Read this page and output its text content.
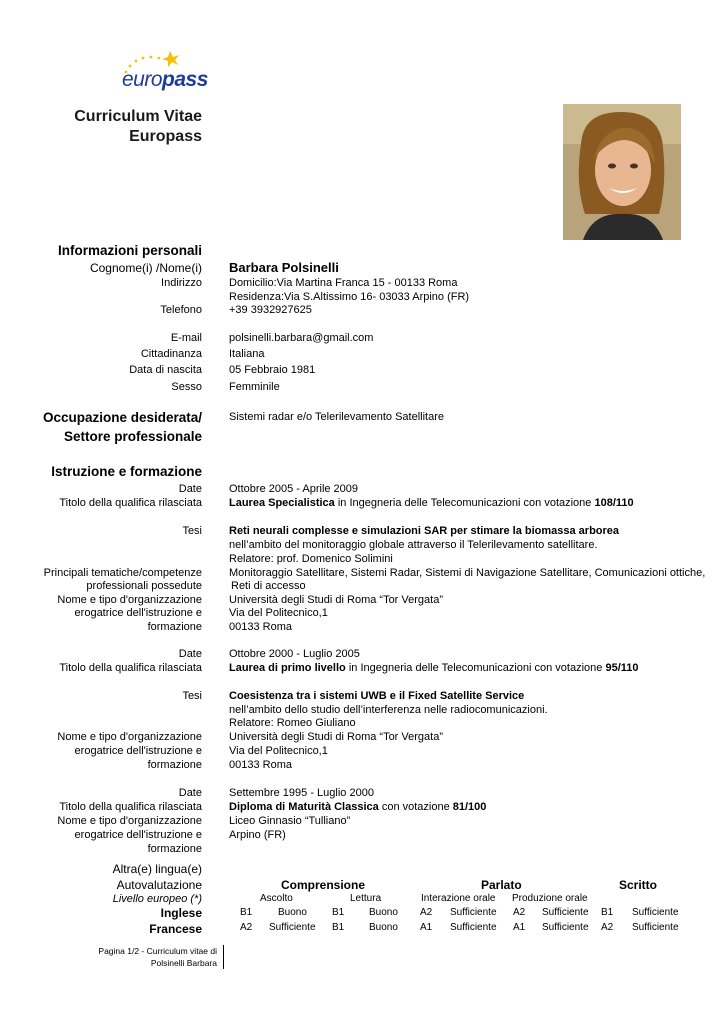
europass
Curriculum Vitae
Europass
Informazioni personali
Cognome(i) /Nome(i) Barbara Polsinelli
Indirizzo Domicilio:Via Martina Franca 15 - 00133 Roma
Residenza:Via S.Altissimo 16- 03033 Arpino (FR)
Telefono +39 3932927625
E-mail polsinelli.barbara@gmail.com
Cittadinanza Italiana
Data di nascita 05 Febbraio 1981
Sesso Femminile
Occupazione desiderata/
Settore professionale
Sistemi radar e/o Telerilevamento Satellitare
Istruzione e formazione
Date Ottobre 2005 - Aprile 2009
Titolo della qualifica rilasciata Laurea Specialistica in Ingegneria delle Telecomunicazioni con votazione 108/110
Tesi Reti neurali complesse e simulazioni SAR per stimare la biomassa arborea
nell’ambito del monitoraggio globale attraverso il Telerilevamento satellitare.
Relatore: prof. Domenico Solimini
Principali tematiche/competenze
professionali possedute
Monitoraggio Satellitare, Sistemi Radar, Sistemi di Navigazione Satellitare, Comunicazioni ottiche,
Reti di accesso
Nome e tipo d'organizzazione
erogatrice dell'istruzione e
formazione
Università degli Studi di Roma “Tor Vergata”
Via del Politecnico,1
00133 Roma
Date Ottobre 2000 - Luglio 2005
Titolo della qualifica rilasciata Laurea di primo livello in Ingegneria delle Telecomunicazioni con votazione 95/110
Tesi Coesistenza tra i sistemi UWB e il Fixed Satellite Service
nell’ambito dello studio dell’interferenza nelle radiocomunicazioni.
Relatore: Romeo Giuliano
Nome e tipo d'organizzazione
erogatrice dell'istruzione e
formazione
Università degli Studi di Roma “Tor Vergata”
Via del Politecnico,1
00133 Roma
Date Settembre 1995 - Luglio 2000
Titolo della qualifica rilasciata Diploma di Maturità Classica con votazione 81/100
Nome e tipo d'organizzazione
erogatrice dell'istruzione e
formazione
Liceo Ginnasio “Tulliano”
Arpino (FR)
Altra(e) lingua(e)
Autovalutazione
Livello europeo (*)
Comprensione	Parlato	Scritto
Ascolto	Lettura	Interazione orale Produzione orale
Inglese	B1	Buono	B1 Buono A2 Sufficiente A2 Sufficiente B1 Sufficiente
Francese	A2 Sufficiente B1 Buono A1 Sufficiente A1 Sufficiente A2 Sufficiente
Pagina 1/2 - Curriculum vitae di
Polsinelli Barbara
